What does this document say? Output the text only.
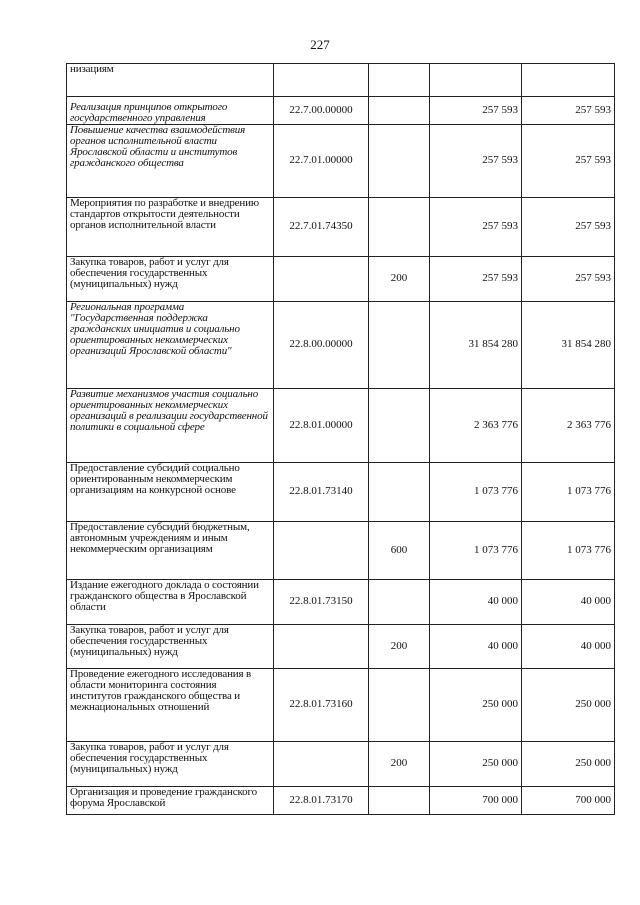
227
низациям				
Реализация принципов открытого государственного управления	22.7.00.00000		257 593	257 593
Повышение качества взаимодействия органов исполнительной власти Ярославской области и институтов гражданского общества	22.7.01.00000		257 593	257 593
Мероприятия по разработке и внедрению стандартов открытости деятельности органов исполнительной власти	22.7.01.74350		257 593	257 593
Закупка товаров, работ и услуг для обеспечения государственных (муниципальных) нужд		200	257 593	257 593
Региональная программа "Государственная поддержка гражданских инициатив и социально ориентированных некоммерческих организаций Ярославской области"	22.8.00.00000		31 854 280	31 854 280
Развитие механизмов участия социально ориентированных некоммерческих организаций в реализации государственной политики в социальной сфере	22.8.01.00000		2 363 776	2 363 776
Предоставление субсидий социально ориентированным некоммерческим организациям на конкурсной основе	22.8.01.73140		1 073 776	1 073 776
Предоставление субсидий бюджетным, автономным учреждениям и иным некоммерческим организациям		600	1 073 776	1 073 776
Издание ежегодного доклада о состоянии гражданского общества в Ярославской области	22.8.01.73150		40 000	40 000
Закупка товаров, работ и услуг для обеспечения государственных (муниципальных) нужд		200	40 000	40 000
Проведение ежегодного исследования в области мониторинга состояния институтов гражданского общества и межнациональных отношений	22.8.01.73160		250 000	250 000
Закупка товаров, работ и услуг для обеспечения государственных (муниципальных) нужд		200	250 000	250 000
Организация и проведение гражданского форума Ярославской	22.8.01.73170		700 000	700 000
